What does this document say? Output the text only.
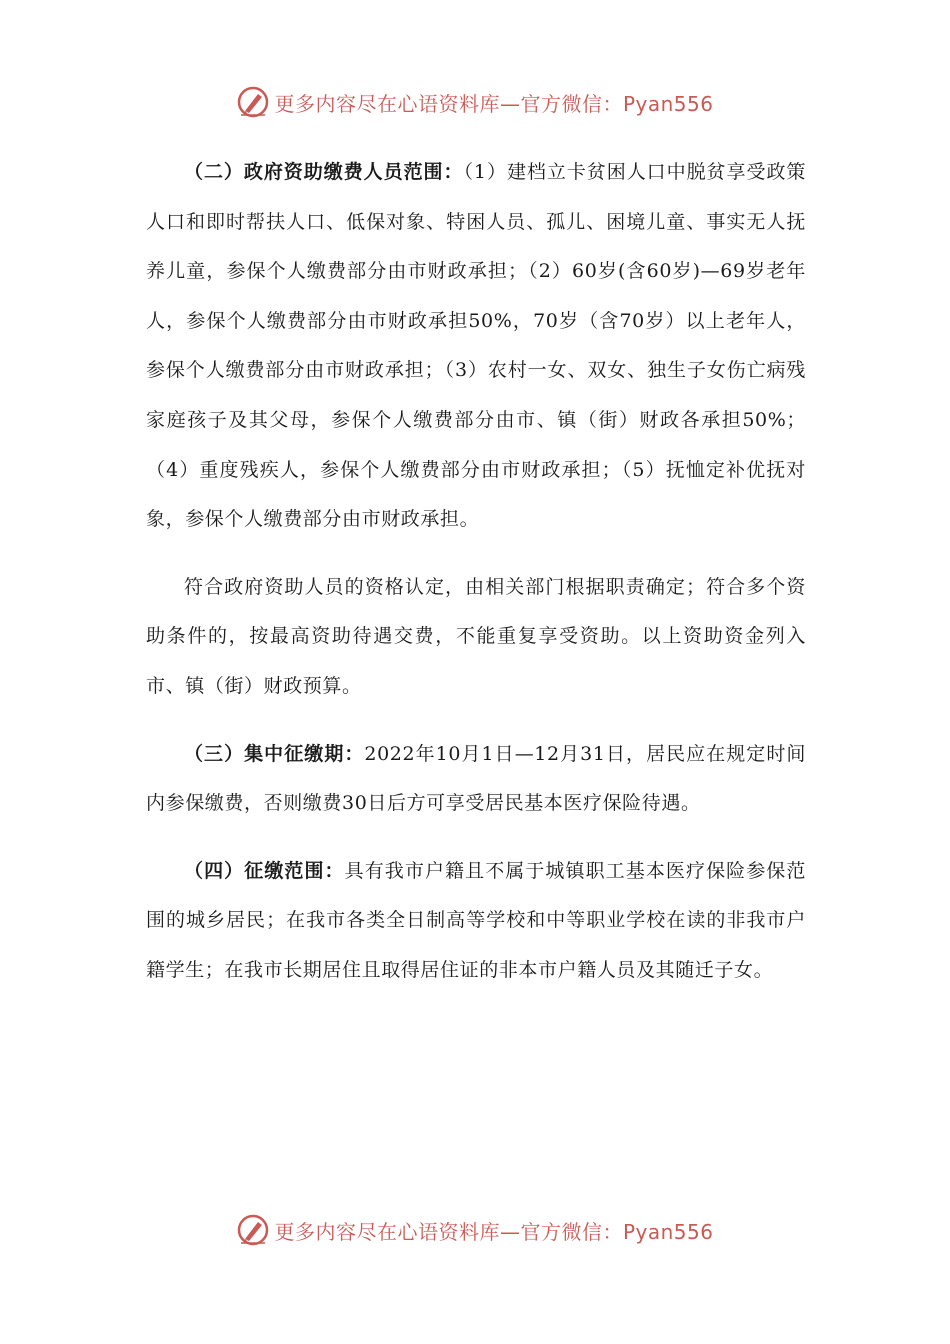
更多内容尽在心语资料库—官方微信：Pyan556

（二）政府资助缴费人员范围：（1）建档立卡贫困人口中脱贫享受政策人口和即时帮扶人口、低保对象、特困人员、孤儿、困境儿童、事实无人抚养儿童，参保个人缴费部分由市财政承担；（2）60岁(含60岁)—69岁老年人，参保个人缴费部分由市财政承担50%，70岁（含70岁）以上老年人，参保个人缴费部分由市财政承担；（3）农村一女、双女、独生子女伤亡病残家庭孩子及其父母，参保个人缴费部分由市、镇（街）财政各承担50%；（4）重度残疾人，参保个人缴费部分由市财政承担；（5）抚恤定补优抚对象，参保个人缴费部分由市财政承担。

符合政府资助人员的资格认定，由相关部门根据职责确定；符合多个资助条件的，按最高资助待遇交费，不能重复享受资助。以上资助资金列入市、镇（街）财政预算。

（三）集中征缴期：2022年10月1日—12月31日，居民应在规定时间内参保缴费，否则缴费30日后方可享受居民基本医疗保险待遇。

（四）征缴范围：具有我市户籍且不属于城镇职工基本医疗保险参保范围的城乡居民；在我市各类全日制高等学校和中等职业学校在读的非我市户籍学生；在我市长期居住且取得居住证的非本市户籍人员及其随迁子女。

更多内容尽在心语资料库—官方微信：Pyan556
